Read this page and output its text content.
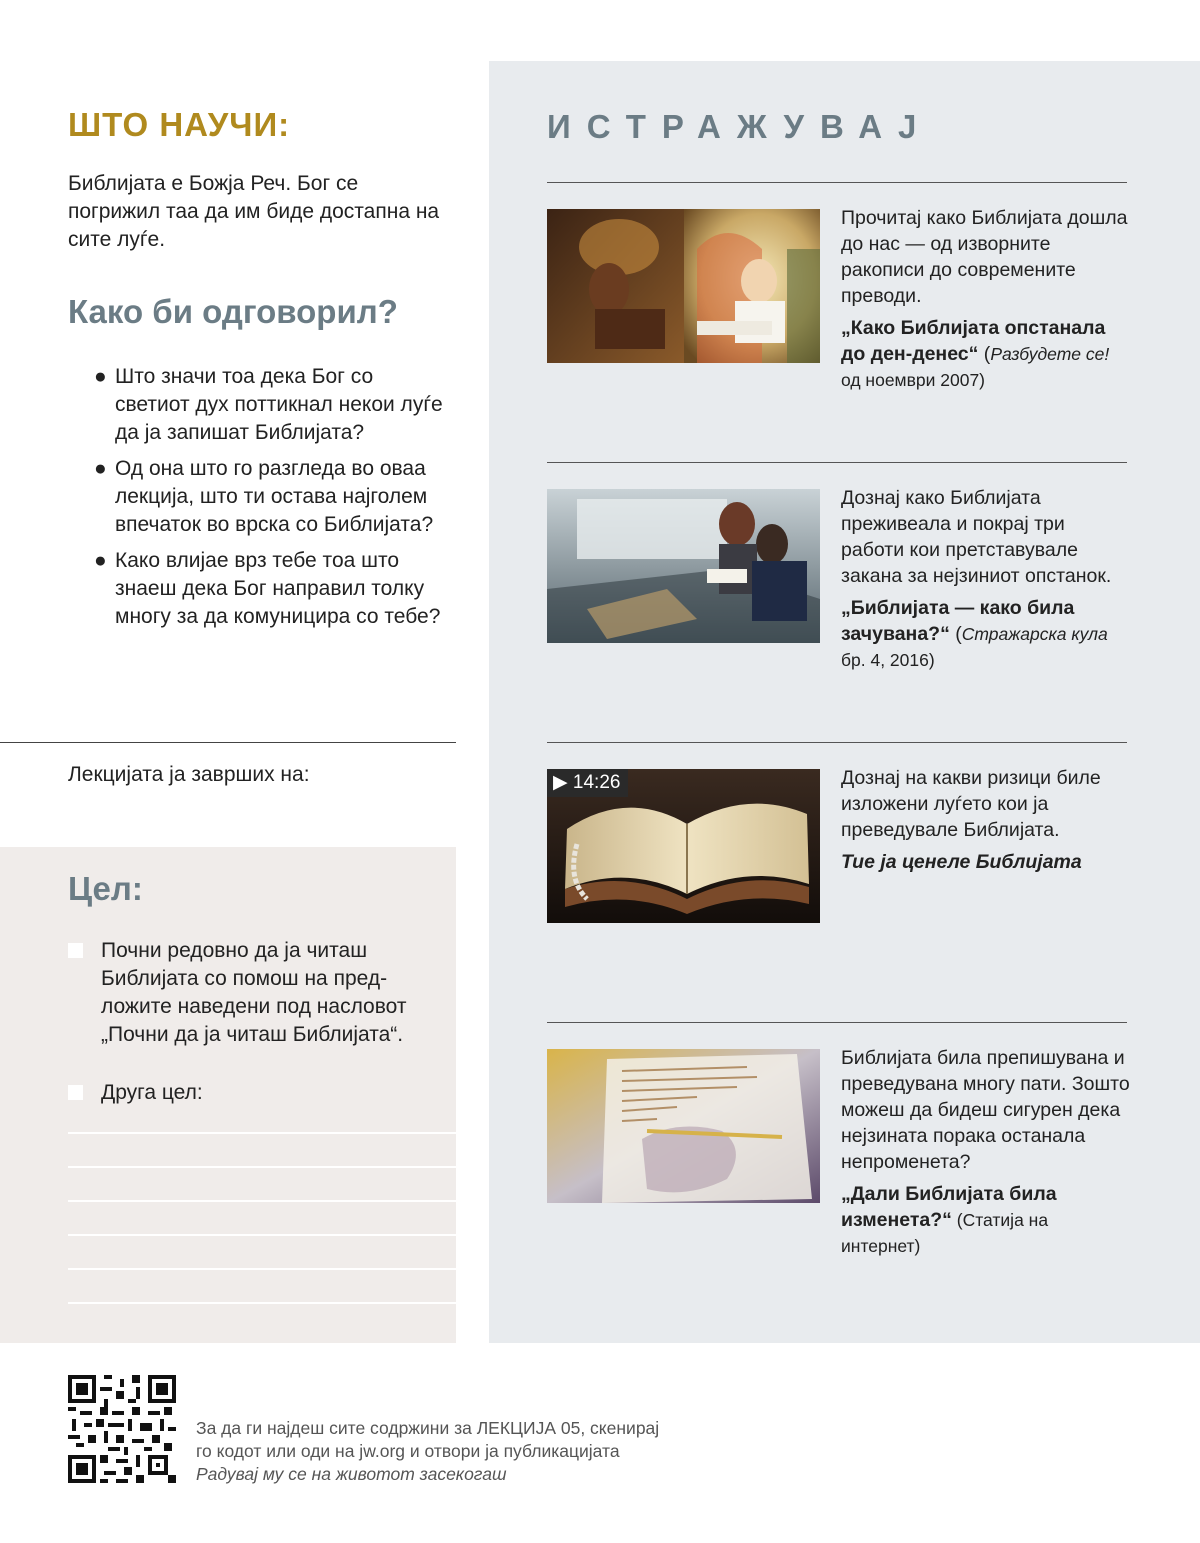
ШТО НАУЧИ:

Библијата е Божја Реч. Бог се погрижил таа да им биде достапна на сите луѓе.

Како би одговорил?
● Што значи тоа дека Бог со светиот дух поттикнал некои луѓе да ја запишат Библијата?
● Од она што го разгледа во оваа лекција, што ти остава најголем впечаток во врска со Библијата?
● Како влијае врз тебе тоа што знаеш дека Бог направил толку многу за да комуницира со тебе?
Лекцијата ја заврших на:
Цел:
Почни редовно да ја читаш Библијата со помош на предложите наведени под насловот „Почни да ја читаш Библијата“.
Друга цел:
ИСТРАЖУВАЈ

Прочитај како Библијата дошла до нас — од изворните ракописи до современите преводи.

„Како Библијата опстанала до ден-денес“ (Разбудете се! од ноември 2007)

Дознај како Библијата преживеала и покрај три работи кои претставувале закана за нејзиниот опстанок.

„Библијата — како била зачувана?“ (Стражарска кула бр. 4, 2016)

▶ 14:26	Дознај на какви ризици биле изложени луѓето кои ја преведувале Библијата.

Тие ја ценеле Библијата

Библијата била препишувана и преведувана многу пати. Зошто можеш да бидеш сигурен дека нејзината порака останала непроменета?

„Дали Библијата била изменета?“ (Статија на интернет)

За да ги најдеш сите содржини за ЛЕКЦИЈА 05, скенирај го кодот или оди на jw.org и отвори ја публикацијата Радувај му се на животот засекогаш
